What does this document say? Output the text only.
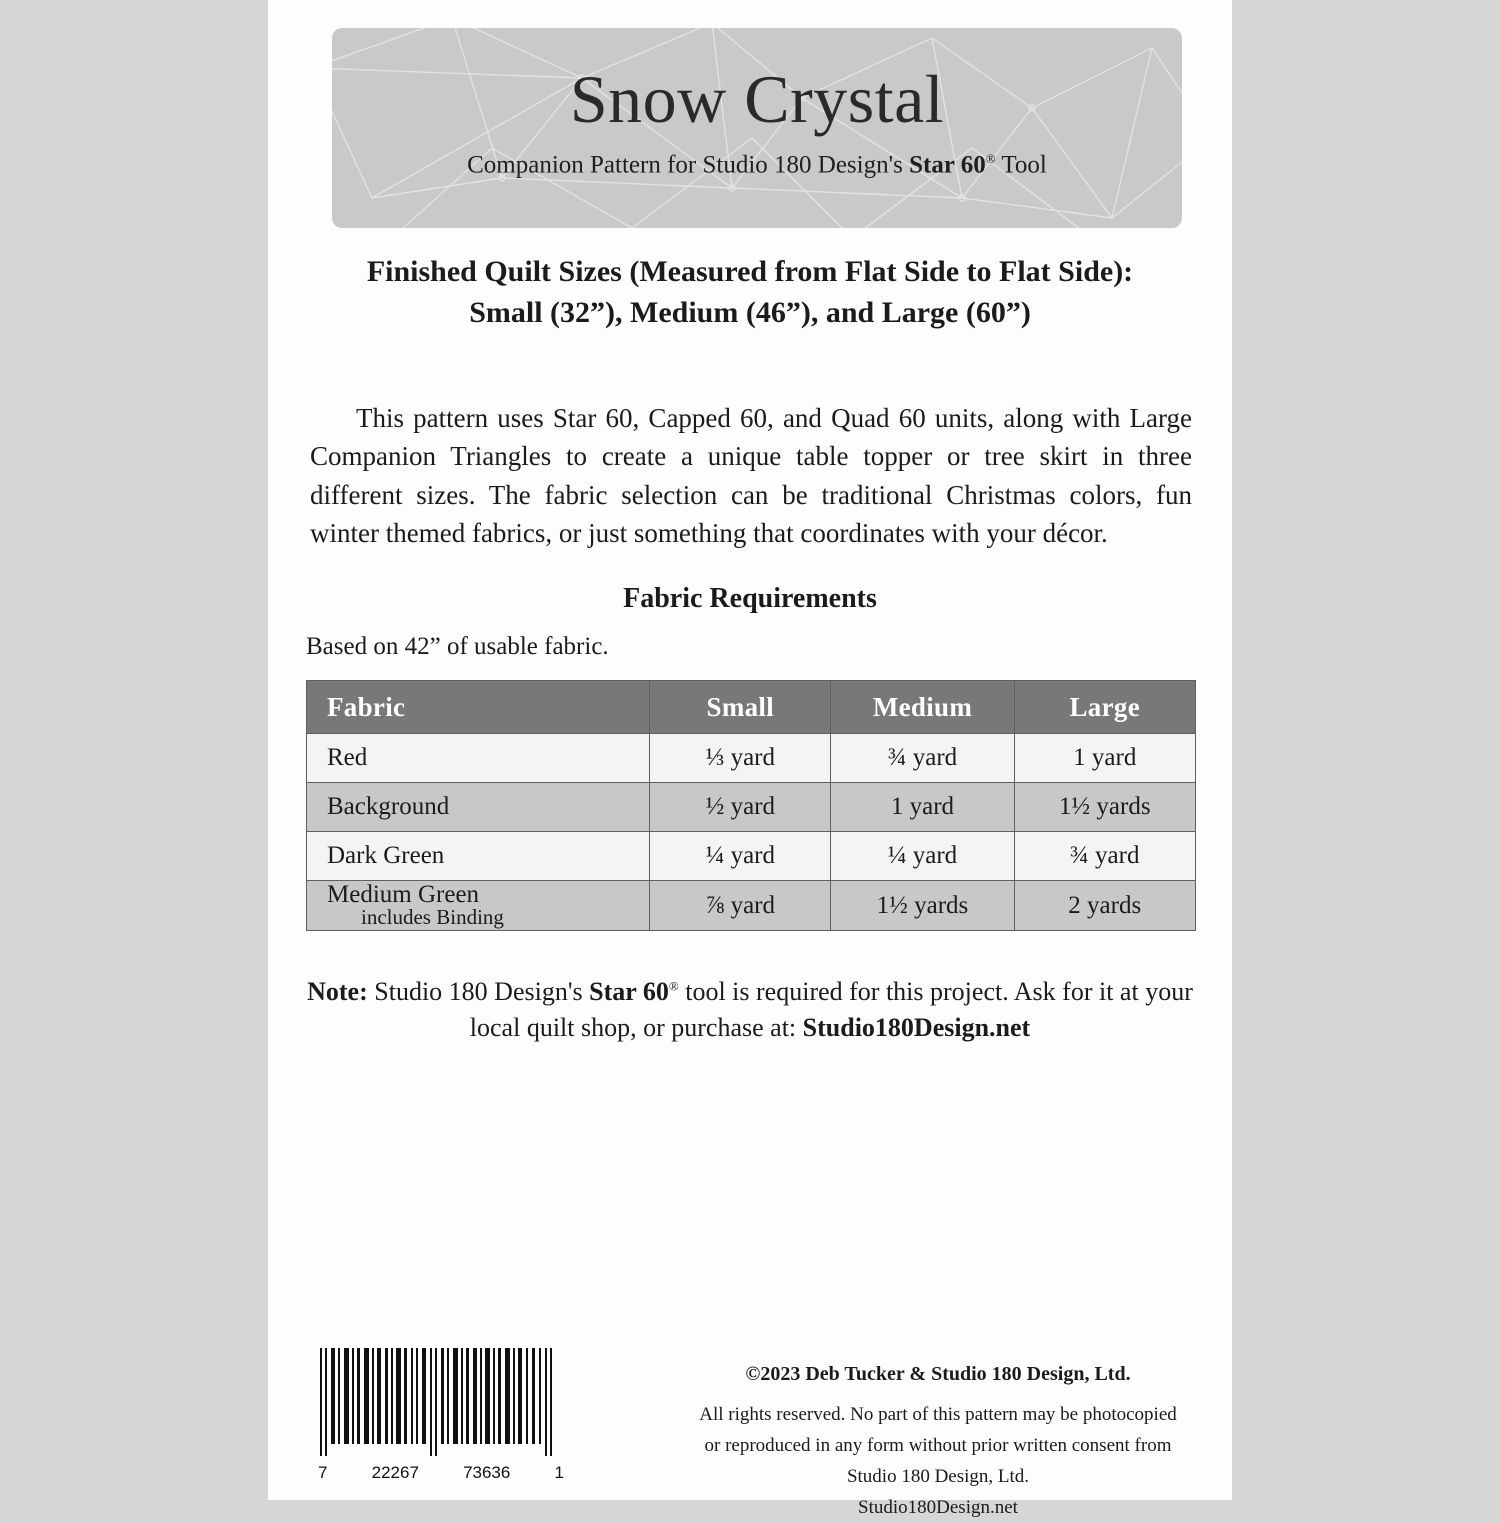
Snow Crystal
Companion Pattern for Studio 180 Design's Star 60® Tool
Finished Quilt Sizes (Measured from Flat Side to Flat Side):
Small (32”), Medium (46”), and Large (60”)

This pattern uses Star 60, Capped 60, and Quad 60 units, along with Large Companion Triangles to create a unique table topper or tree skirt in three different sizes. The fabric selection can be traditional Christmas colors, fun winter themed fabrics, or just something that coordinates with your décor.

Fabric Requirements
Based on 42” of usable fabric.
Fabric	Small	Medium	Large
Red	⅓ yard	¾ yard	1 yard
Background	½ yard	1 yard	1½ yards
Dark Green	¼ yard	¼ yard	¾ yard
Medium Green
includes Binding	⅞ yard	1½ yards	2 yards
Note: Studio 180 Design's Star 60® tool is required for this project. Ask for it at your local quilt shop, or purchase at: Studio180Design.net
7	22267	73636	1
©2023 Deb Tucker & Studio 180 Design, Ltd.
All rights reserved. No part of this pattern may be photocopied
or reproduced in any form without prior written consent from
Studio 180 Design, Ltd.
Studio180Design.net
